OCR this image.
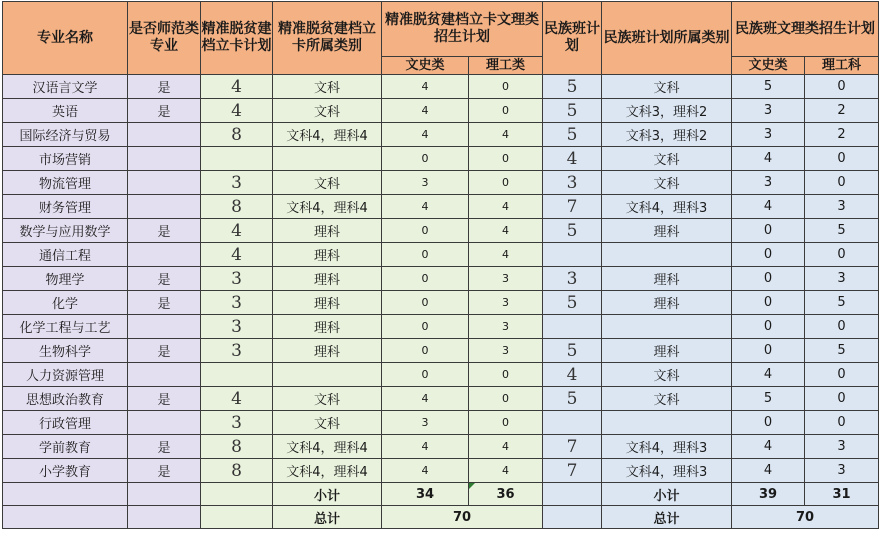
专业名称	是否师范类专业	精准脱贫建档立卡计划	精准脱贫建档立卡所属类别	精准脱贫建档立卡文理类招生计划		民族班计划	民族班计划所属类别	民族班文理类招生计划	
				文史类	理工类			文史类	理工科
汉语言文学	是	4	文科	4	0	5	文科	5	0
英语	是	4	文科	4	0	5	文科3，理科2	3	2
国际经济与贸易		8	文科4，理科4	4	4	5	文科3，理科2	3	2
市场营销				0	0	4	文科	4	0
物流管理		3	文科	3	0	3	文科	3	0
财务管理		8	文科4，理科4	4	4	7	文科4，理科3	4	3
数学与应用数学	是	4	理科	0	4	5	理科	0	5
通信工程		4	理科	0	4			0	0
物理学	是	3	理科	0	3	3	理科	0	3
化学	是	3	理科	0	3	5	理科	0	5
化学工程与工艺		3	理科	0	3			0	0
生物科学	是	3	理科	0	3	5	理科	0	5
人力资源管理				0	0	4	文科	4	0
思想政治教育	是	4	文科	4	0	5	文科	5	0
行政管理		3	文科	3	0			0	0
学前教育	是	8	文科4，理科4	4	4	7	文科4，理科3	4	3
小学教育	是	8	文科4，理科4	4	4	7	文科4，理科3	4	3
			小计	34	36		小计	39	31
			总计	70			总计	70	
